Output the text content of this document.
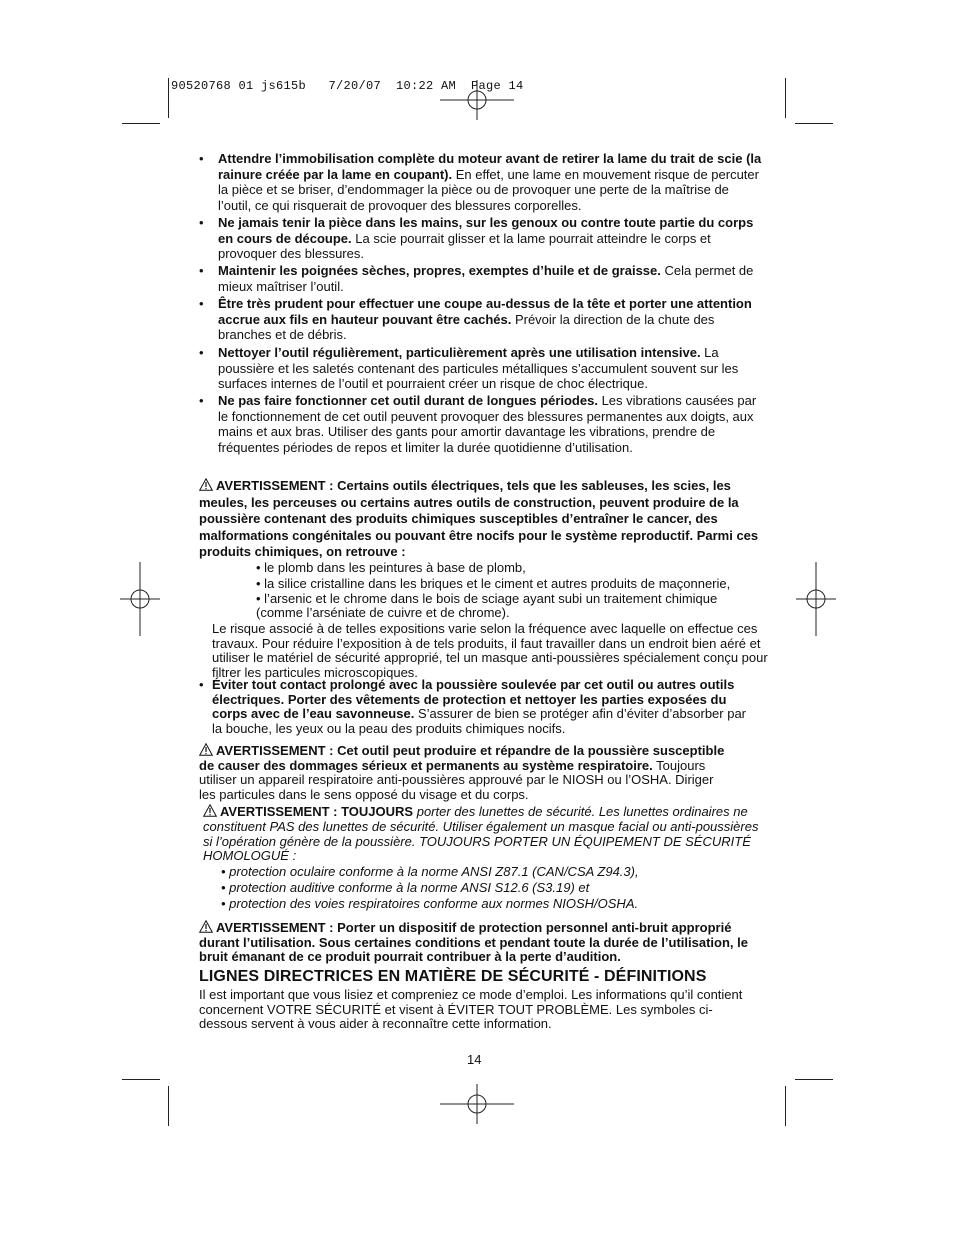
90520768 01 js615b   7/20/07  10:22 AM  Page 14
•	Attendre l’immobilisation complète du moteur avant de retirer la lame du trait de scie (la rainure créée par la lame en coupant). En effet, une lame en mouvement risque de percuter la pièce et se briser, d’endommager la pièce ou de provoquer une perte de la maîtrise de l’outil, ce qui risquerait de provoquer des blessures corporelles.
•	Ne jamais tenir la pièce dans les mains, sur les genoux ou contre toute partie du corps en cours de découpe. La scie pourrait glisser et la lame pourrait atteindre le corps et provoquer des blessures.
•	Maintenir les poignées sèches, propres, exemptes d’huile et de graisse. Cela permet de mieux maîtriser l’outil.
•	Être très prudent pour effectuer une coupe au-dessus de la tête et porter une attention accrue aux fils en hauteur pouvant être cachés. Prévoir la direction de la chute des branches et de débris.
•	Nettoyer l’outil régulièrement, particulièrement après une utilisation intensive. La poussière et les saletés contenant des particules métalliques s’accumulent souvent sur les surfaces internes de l’outil et pourraient créer un risque de choc électrique.
•	Ne pas faire fonctionner cet outil durant de longues périodes. Les vibrations causées par le fonctionnement de cet outil peuvent provoquer des blessures permanentes aux doigts, aux mains et aux bras. Utiliser des gants pour amortir davantage les vibrations, prendre de fréquentes périodes de repos et limiter la durée quotidienne d’utilisation.
AVERTISSEMENT : Certains outils électriques, tels que les sableuses, les scies, les meules, les perceuses ou certains autres outils de construction, peuvent produire de la poussière contenant des produits chimiques susceptibles d’entraîner le cancer, des malformations congénitales ou pouvant être nocifs pour le système reproductif. Parmi ces produits chimiques, on retrouve :
• le plomb dans les peintures à base de plomb,
• la silice cristalline dans les briques et le ciment et autres produits de maçonnerie,
• l’arsenic et le chrome dans le bois de sciage ayant subi un traitement chimique
(comme l’arséniate de cuivre et de chrome).
Le risque associé à de telles expositions varie selon la fréquence avec laquelle on effectue ces travaux. Pour réduire l’exposition à de tels produits, il faut travailler dans un endroit bien aéré et utiliser le matériel de sécurité approprié, tel un masque anti-poussières spécialement conçu pour filtrer les particules microscopiques.
• Éviter tout contact prolongé avec la poussière soulevée par cet outil ou autres outils électriques. Porter des vêtements de protection et nettoyer les parties exposées du corps avec de l’eau savonneuse. S’assurer de bien se protéger afin d’éviter d’absorber par la bouche, les yeux ou la peau des produits chimiques nocifs.
AVERTISSEMENT : Cet outil peut produire et répandre de la poussière susceptible de causer des dommages sérieux et permanents au système respiratoire. Toujours utiliser un appareil respiratoire anti-poussières approuvé par le NIOSH ou l’OSHA. Diriger les particules dans le sens opposé du visage et du corps.
AVERTISSEMENT : TOUJOURS porter des lunettes de sécurité. Les lunettes ordinaires ne constituent PAS des lunettes de sécurité. Utiliser également un masque facial ou anti-poussières si l’opération génère de la poussière. TOUJOURS PORTER UN ÉQUIPEMENT DE SÉCURITÉ HOMOLOGUÉ :
• protection oculaire conforme à la norme ANSI Z87.1 (CAN/CSA Z94.3),
• protection auditive conforme à la norme ANSI S12.6 (S3.19) et
• protection des voies respiratoires conforme aux normes NIOSH/OSHA.
AVERTISSEMENT : Porter un dispositif de protection personnel anti-bruit approprié durant l’utilisation. Sous certaines conditions et pendant toute la durée de l’utilisation, le bruit émanant de ce produit pourrait contribuer à la perte d’audition.
LIGNES DIRECTRICES EN MATIÈRE DE SÉCURITÉ - DÉFINITIONS
Il est important que vous lisiez et compreniez ce mode d’emploi. Les informations qu’il contient concernent VOTRE SÉCURITÉ et visent à ÉVITER TOUT PROBLÈME. Les symboles ci-dessous servent à vous aider à reconnaître cette information.
14
